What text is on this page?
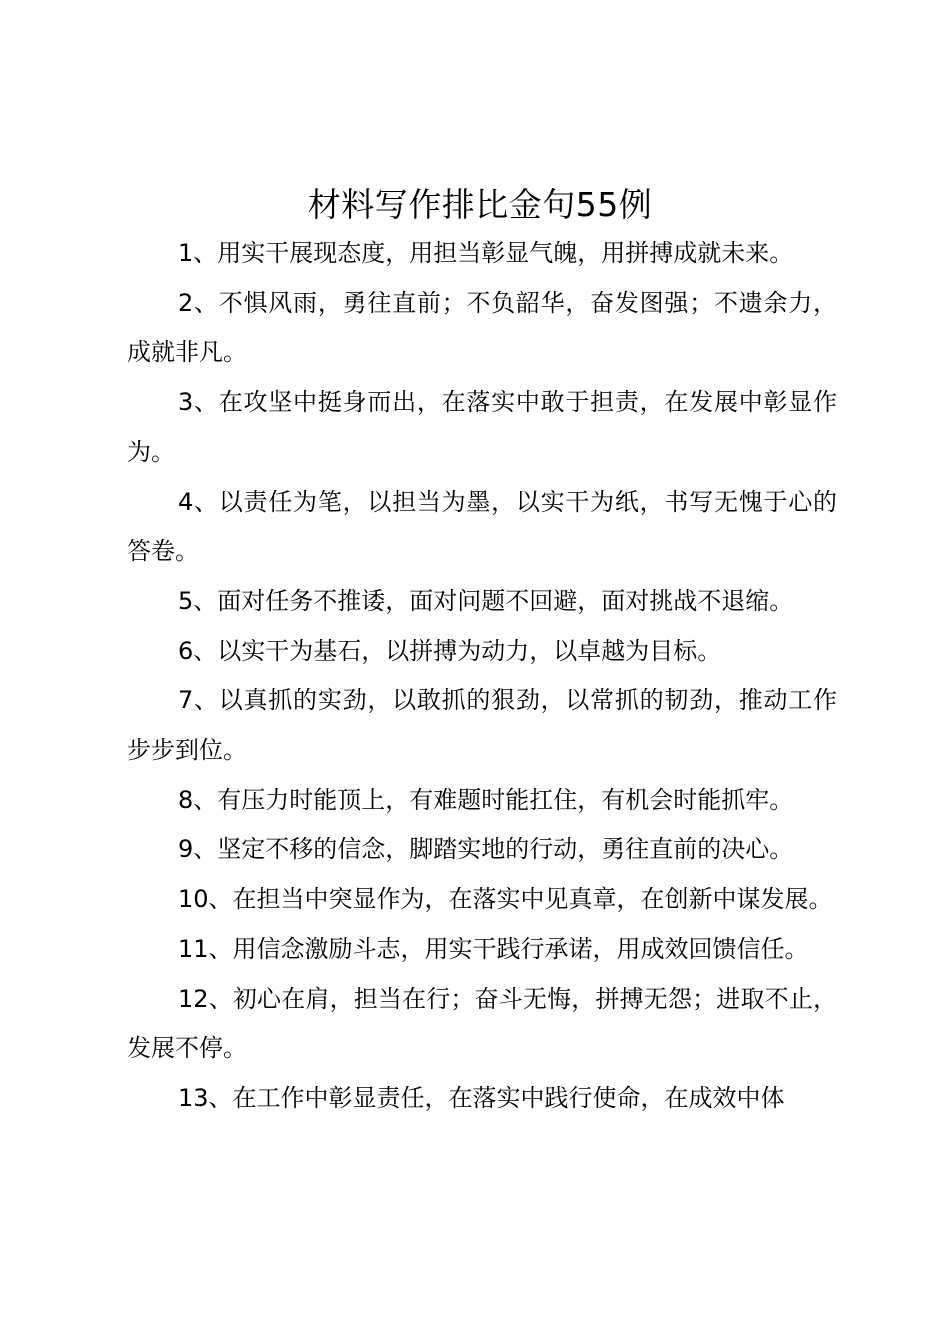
材料写作排比金句55例

1、用实干展现态度，用担当彰显气魄，用拼搏成就未来。

2、不惧风雨，勇往直前；不负韶华，奋发图强；不遗余力，成就非凡。

3、在攻坚中挺身而出，在落实中敢于担责，在发展中彰显作为。

4、以责任为笔，以担当为墨，以实干为纸，书写无愧于心的答卷。

5、面对任务不推诿，面对问题不回避，面对挑战不退缩。

6、以实干为基石，以拼搏为动力，以卓越为目标。

7、以真抓的实劲，以敢抓的狠劲，以常抓的韧劲，推动工作步步到位。

8、有压力时能顶上，有难题时能扛住，有机会时能抓牢。

9、坚定不移的信念，脚踏实地的行动，勇往直前的决心。

10、在担当中突显作为，在落实中见真章，在创新中谋发展。

11、用信念激励斗志，用实干践行承诺，用成效回馈信任。

12、初心在肩，担当在行；奋斗无悔，拼搏无怨；进取不止，发展不停。

13、在工作中彰显责任，在落实中践行使命，在成效中体
